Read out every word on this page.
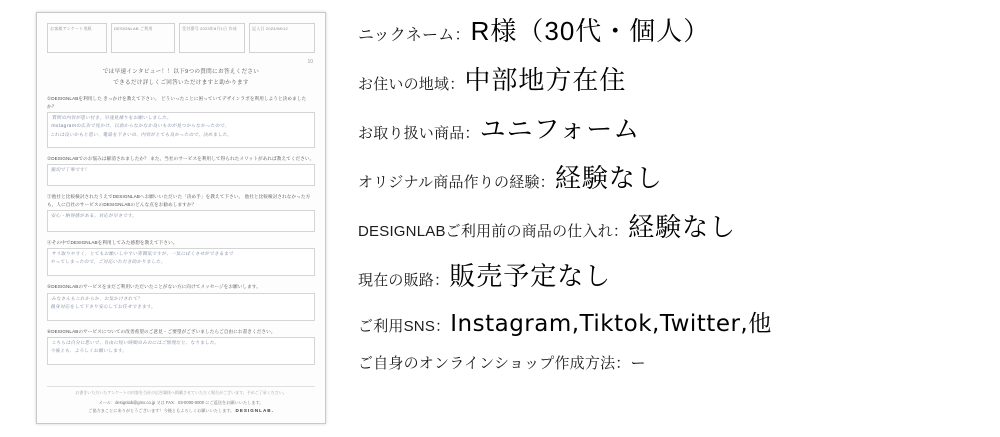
お客様アンケート用紙	DESIGNLAB ご利用	受付番号 2023年8月1日 作成	記入日 2023/08/12
10
では早速インタビュー！！以下9つの質問にお答えください
できるだけ詳しくご回答いただけますと助かります
①DESIGNLABを利用した きっかけを教えて下さい。 どういったことに困っていてデザインラボを利用しようと決めましたか？
質問の内容が思い付き。早速見積りをお願いしました。
Instagramの広告で見かけ、以前からなかなか良いものが見つからなかったので、
これは良いかもと思い、電話を下さいの、内容がとても良かったので、決めました。
②DESIGNLABでのお悩みは解消されましたか？ また、当社のサービスを利用して得られたメリットがあれば教えてください。
親切で丁寧です！
③他社と比較検討されたうえでDESIGNLABへお願いいただいた「決め手」を教えて下さい。 他社と比較検討されなかった方も、人に自社のサービスのDESIGNLABのどんな点をお勧めしますか？
安心・納得感がある。対応が早さです。
④その中でDESIGNLABを利用してみた感想を教えて下さい。
サリ取りやすく、とてもお願いしやすい雰囲気ですが、一気にぼくさせができるまで
やってしまったので、ご対応いただき助かりました。
⑤DESIGNLABのサービスをまだご利用いただいたことがない方に向けてメッセージをお願いします。
みなさんもこれからか、お気かけされて？
親身対応をして下さり安心してお任せできます。
⑥DESIGNLABのサービスについての改善希望のご意見・ご要望がございましたらご自由にお書きください。
こちらは自分に思いで、自由に短い時間のみのにはご無理だと、なりました。
今後とも、よろしくお願いします。
お書きいただいたアンケートの内容を当社の広告媒体へ掲載させていただく場合がございます。予めご了承ください。
メール：designlab@gmx.co.jp 又は FAX：03-0000-0000 にご返送をお願いいたします。
ご協力まことにありがとうございます！今後ともよろしくお願いいたします。 DESIGNLAB.
ニックネーム： R様（30代・個人）
お住いの地域： 中部地方在住
お取り扱い商品： ユニフォーム
オリジナル商品作りの経験： 経験なし
DESIGNLABご利用前の商品の仕入れ： 経験なし
現在の販路： 販売予定なし
ご利用SNS： Instagram,Tiktok,Twitter,他
ご自身のオンラインショップ作成方法： ー
